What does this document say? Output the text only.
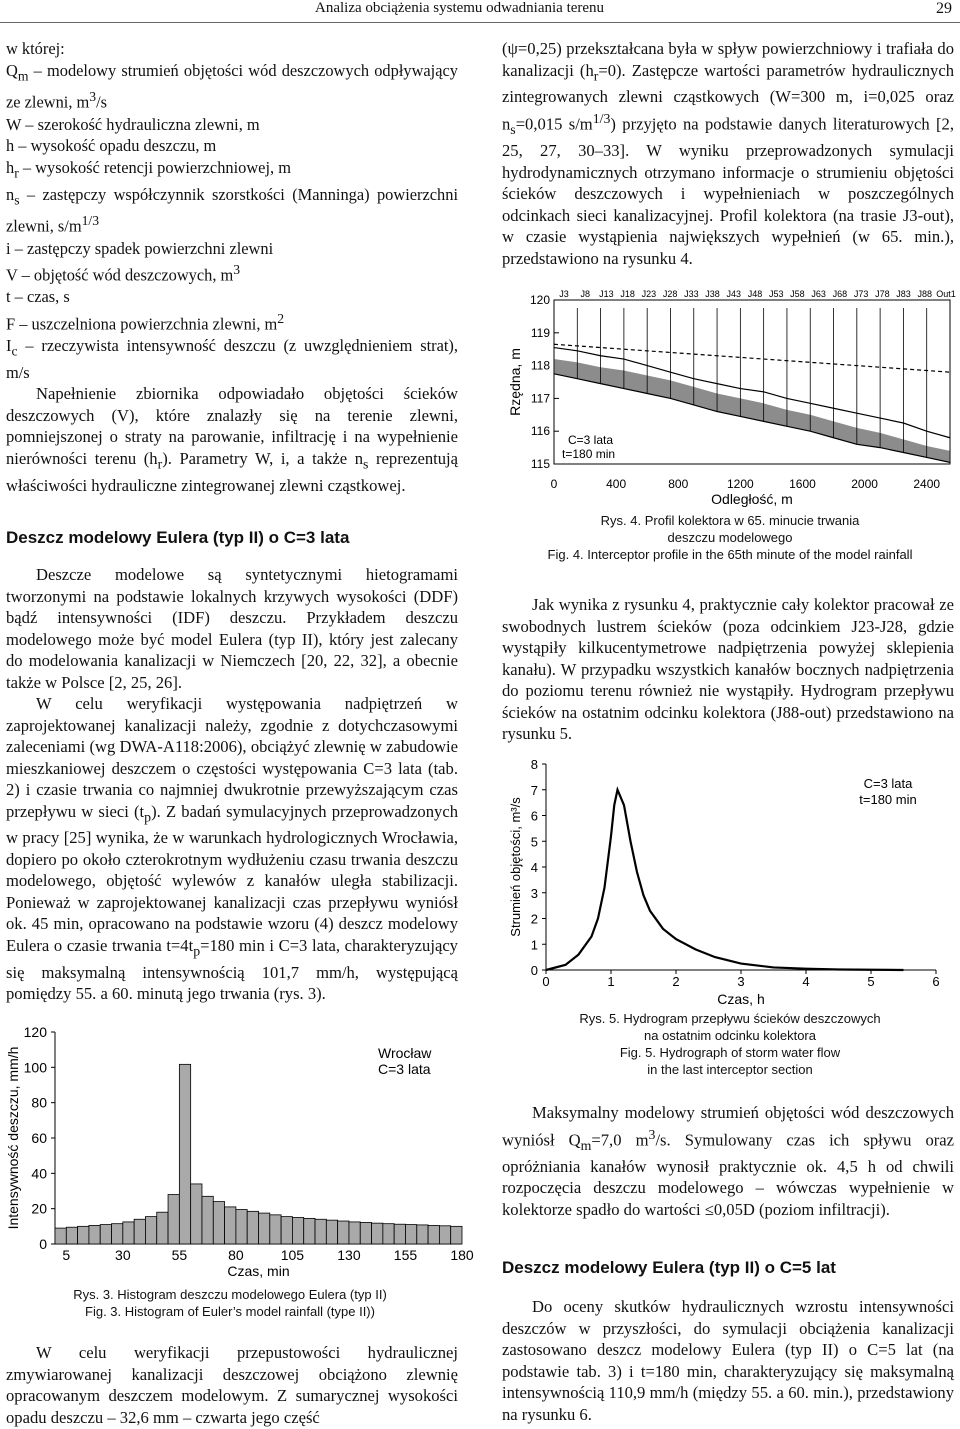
Analiza obciążenia systemu odwadniania terenu	29

w której:

$Q_m$ – modelowy strumień objętości wód deszczowych odpływający ze zlewni, $m^3/s$

W – szerokość hydrauliczna zlewni, m

h – wysokość opadu deszczu, m

$h_r$ – wysokość retencji powierzchniowej, m

$n_s$ – zastępczy współczynnik szorstkości (Manninga) powierzchni zlewni, $s/m^{1/3}$

i – zastępczy spadek powierzchni zlewni

V – objętość wód deszczowych, $m^3$

t – czas, s

F – uszczelniona powierzchnia zlewni, $m^2$

$I_c$ – rzeczywista intensywność deszczu (z uwzględnieniem strat), m/s

Napełnienie zbiornika odpowiadało objętości ścieków deszczowych (V), które znalazły się na terenie zlewni, pomniejszonej o straty na parowanie, infiltrację i na wypełnienie nierówności terenu $(h_r)$. Parametry W, i, a także $n_s$ reprezentują właściwości hydrauliczne zintegrowanej zlewni cząstkowej.

Deszcz modelowy Eulera (typ II) o C=3 lata

Deszcze modelowe są syntetycznymi hietogramami tworzonymi na podstawie lokalnych krzywych wysokości (DDF) bądź intensywności (IDF) deszczu. Przykładem deszczu modelowego może być model Eulera (typ II), który jest zalecany do modelowania kanalizacji w Niemczech [20, 22, 32], a obecnie także w Polsce [2, 25, 26].

W celu weryfikacji występowania nadpiętrzeń w zaprojektowanej kanalizacji należy, zgodnie z dotychczasowymi zaleceniami (wg DWA-A118:2006), obciążyć zlewnię w zabudowie mieszkaniowej deszczem o częstości występowania C=3 lata (tab. 2) i czasie trwania co najmniej dwukrotnie przewyższającym czas przepływu w sieci $(t_p)$. Z badań symulacyjnych przeprowadzonych w pracy [25] wynika, że w warunkach hydrologicznych Wrocławia, dopiero po około czterokrotnym wydłużeniu czasu trwania deszczu modelowego, objętość wylewów z kanałów uległa stabilizacji. Ponieważ w zaprojektowanej kanalizacji czas przepływu wyniósł ok. 45 min, opracowano na podstawie wzoru (4) deszcz modelowy Eulera o czasie trwania $t=4t_p=180$ min i C=3 lata, charakteryzujący się maksymalną intensywnością 101,7 mm/h, występującą pomiędzy 55. a 60. minutą jego trwania (rys. 3).

0
20
40
60
80
100
120
5	30	55	80	105 130 155 180
Intensywność deszczu, mm/h
Czas, min
Wrocław
C=3 lata
Rys. 3. Histogram deszczu modelowego Eulera (typ II)
Fig. 3. Histogram of Euler’s model rainfall (type II))

W celu weryfikacji przepustowości hydraulicznej zmywiarowanej kanalizacji deszczowej obciążono zlewnię opracowanym deszczem modelowym. Z sumarycznej wysokości opadu deszczu – 32,6 mm – czwarta jego część

(ψ=0,25) przekształcana była w spływ powierzchniowy i trafiała do kanalizacji $(h_r=0)$. Zastępcze wartości parametrów hydraulicznych zintegrowanych zlewni cząstkowych (W=300 m, i=0,025 oraz $n_s=0,015$ $s/m^{1/3}$) przyjęto na podstawie danych literaturowych [2, 25, 27, 30–33]. W wyniku przeprowadzonych symulacji hydrodynamicznych otrzymano informacje o strumieniu objętości ścieków deszczowych i wypełnieniach w poszczególnych odcinkach sieci kanalizacyjnej. Profil kolektora (na trasie J3-out), w czasie wystąpienia największych wypełnień (w 65. min.), przedstawiono na rysunku 4.

115
116
117
118
119
120
0	400	800	1200	1600	2000	2400
J3 J8 J13 J18 J23 J28 J33 J38 J43 J48 J53 J58 J63 J68 J73 J78 J83 J88 Out1
Rzędna, m
Odległość, m
C=3 lata
t=180 min
Rys. 4. Profil kolektora w 65. minucie trwania
deszczu modelowego
Fig. 4. Interceptor profile in the 65th minute of the model rainfall

Jak wynika z rysunku 4, praktycznie cały kolektor pracował ze swobodnych lustrem ścieków (poza odcinkiem J23-J28, gdzie wystąpiły kilkucentymetrowe nadpiętrzenia powyżej sklepienia kanału). W przypadku wszystkich kanałów bocznych nadpiętrzenia do poziomu terenu również nie wystąpiły. Hydrogram przepływu ścieków na ostatnim odcinku kolektora (J88-out) przedstawiono na rysunku 5.

0
1
2
3
4
5
6
7
8
0	1	2	3	4	5	6
Strumień objętości, m³/s
Czas, h
C=3 lata
t=180 min
Rys. 5. Hydrogram przepływu ścieków deszczowych
na ostatnim odcinku kolektora
Fig. 5. Hydrograph of storm water flow
in the last interceptor section

Maksymalny modelowy strumień objętości wód deszczowych wyniósł $Q_m=7,0$ $m^3/s$. Symulowany czas ich spływu oraz opróżniania kanałów wynosił praktycznie ok. 4,5 h od chwili rozpoczęcia deszczu modelowego – wówczas wypełnienie w kolektorze spadło do wartości ≤0,05D (poziom infiltracji).

Deszcz modelowy Eulera (typ II) o C=5 lat

Do oceny skutków hydraulicznych wzrostu intensywności deszczów w przyszłości, do symulacji obciążenia kanalizacji zastosowano deszcz modelowy Eulera (typ II) o C=5 lat (na podstawie tab. 3) i t=180 min, charakteryzujący się maksymalną intensywnością 110,9 mm/h (między 55. a 60. min.), przedstawiony na rysunku 6.
